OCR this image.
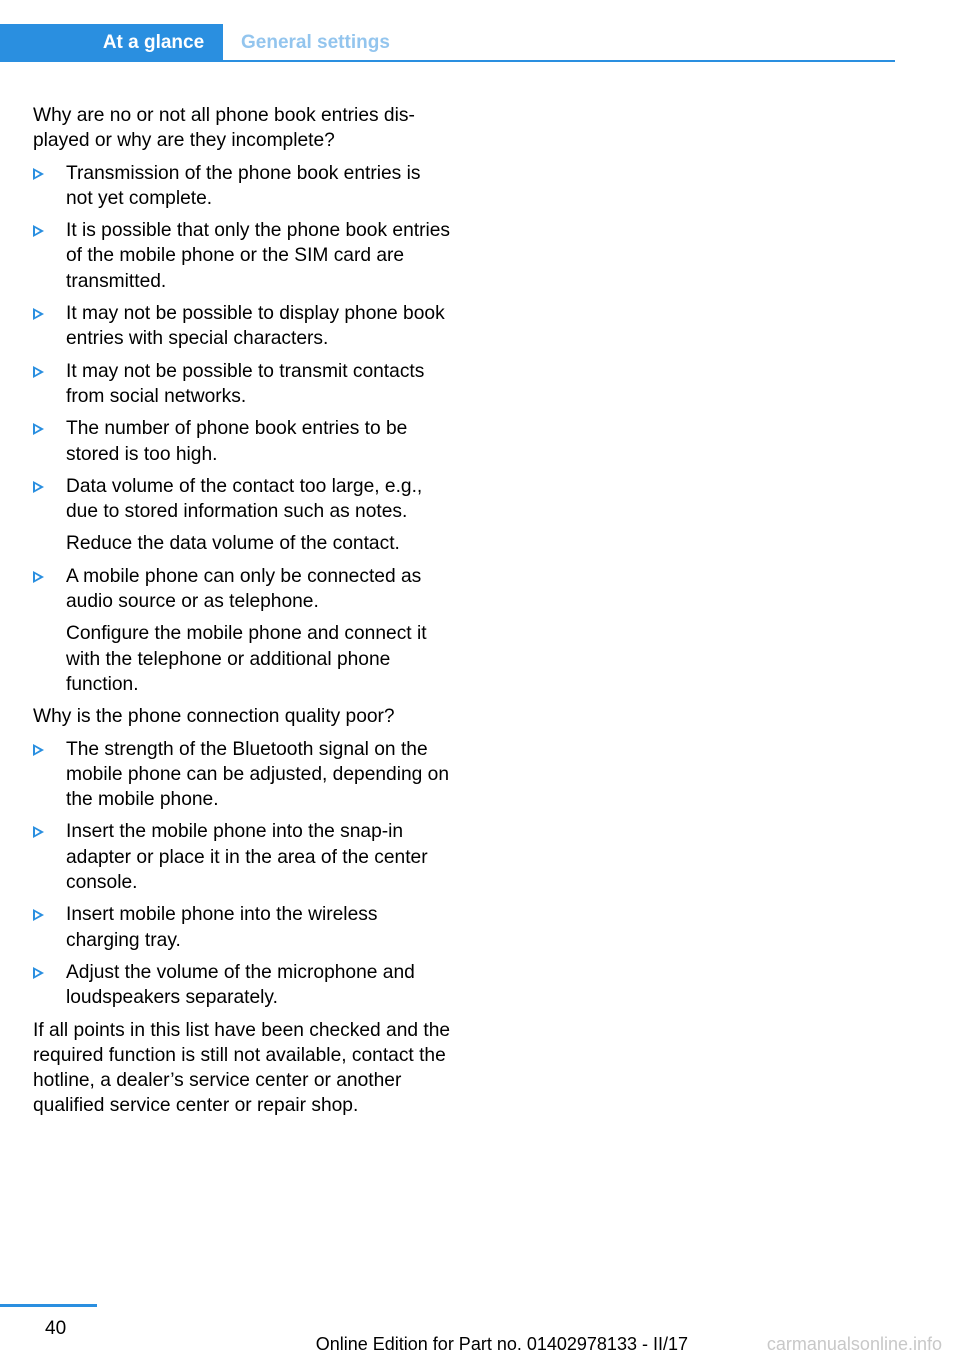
At a glance	General settings

Why are no or not all phone book entries displayed or why are they incomplete?

Transmission of the phone book entries is not yet complete.
It is possible that only the phone book entries of the mobile phone or the SIM card are transmitted.
It may not be possible to display phone book entries with special characters.
It may not be possible to transmit contacts from social networks.
The number of phone book entries to be stored is too high.
Data volume of the contact too large, e.g., due to stored information such as notes.
Reduce the data volume of the contact.
A mobile phone can only be connected as audio source or as telephone.
Configure the mobile phone and connect it with the telephone or additional phone function.

Why is the phone connection quality poor?

The strength of the Bluetooth signal on the mobile phone can be adjusted, depending on the mobile phone.
Insert the mobile phone into the snap-in adapter or place it in the area of the center console.
Insert mobile phone into the wireless charging tray.
Adjust the volume of the microphone and loudspeakers separately.

If all points in this list have been checked and the required function is still not available, contact the hotline, a dealer’s service center or another qualified service center or repair shop.

40
Online Edition for Part no. 01402978133 - II/17	carmanualsonline.info
